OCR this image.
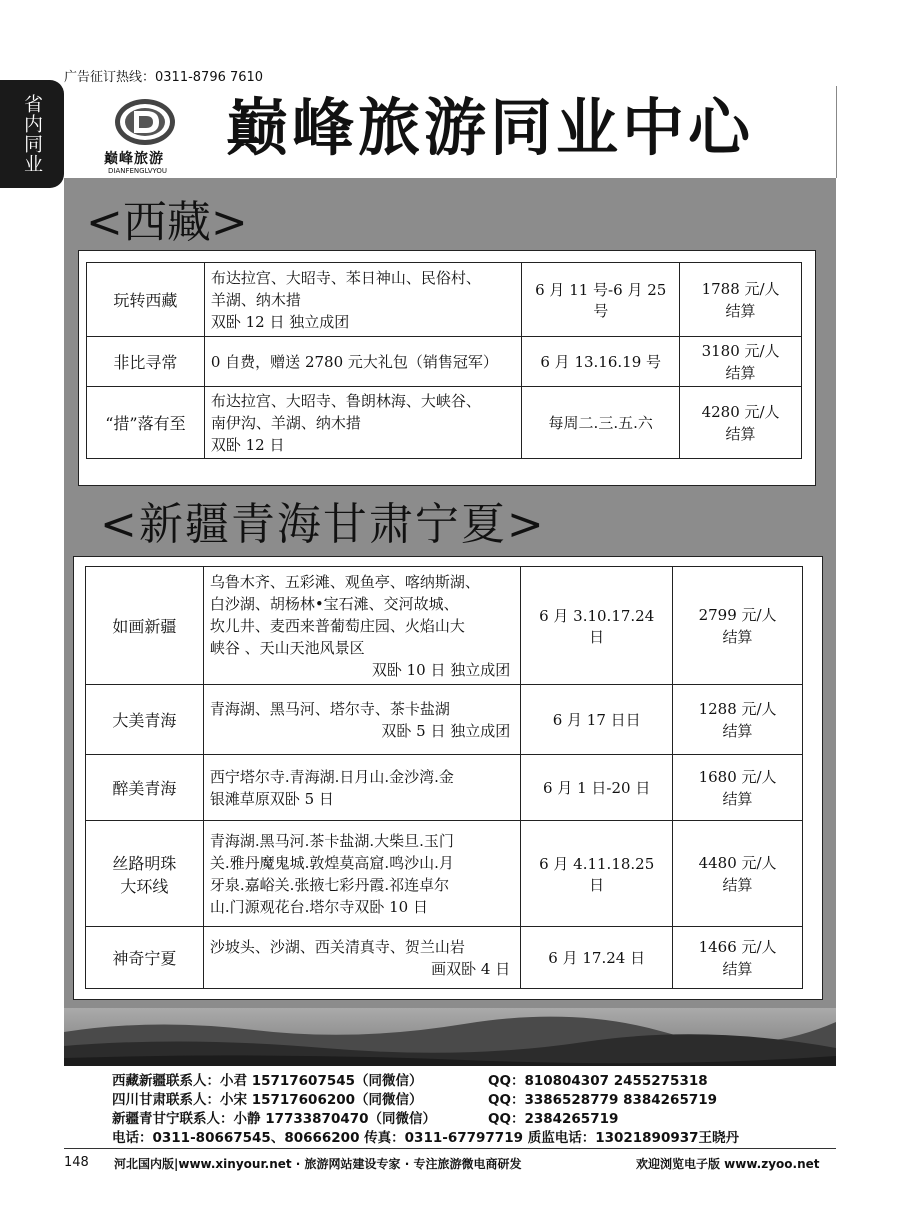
广告征订热线：0311-8796 7610
省内同业	巅峰旅游
DIANFENGLVYOU
巅峰旅游同业中心
<西藏>
玩转西藏	布达拉宫、大昭寺、苯日神山、民俗村、
羊湖、纳木措
双卧 12 日 独立成团	6 月 11 号-6 月 25 号	1788 元/人
结算

非比寻常	0 自费，赠送 2780 元大礼包（销售冠军）	6 月 13.16.19 号	3180 元/人
结算

“措”落有至	布达拉宫、大昭寺、鲁朗林海、大峡谷、
南伊沟、羊湖、纳木措
双卧 12 日	每周二.三.五.六	4280 元/人
结算
<新疆青海甘肃宁夏>
如画新疆	乌鲁木齐、五彩滩、观鱼亭、喀纳斯湖、
白沙湖、胡杨林•宝石滩、交河故城、
坎儿井、麦西来普葡萄庄园、火焰山大
峡谷 、天山天池风景区
双卧 10 日 独立成团	6 月 3.10.17.24
日	2799 元/人
结算

大美青海	青海湖、黑马河、塔尔寺、茶卡盐湖
双卧 5 日 独立成团	6 月 17 日日	1288 元/人
结算

醉美青海	西宁塔尔寺.青海湖.日月山.金沙湾.金
银滩草原双卧 5 日	6 月 1 日-20 日	1680 元/人
结算

丝路明珠
大环线	青海湖.黑马河.茶卡盐湖.大柴旦.玉门
关.雅丹魔鬼城.敦煌莫高窟.鸣沙山.月
牙泉.嘉峪关.张掖七彩丹霞.祁连卓尔
山.门源观花台.塔尔寺双卧 10 日	6 月 4.11.18.25
日	4480 元/人
结算

神奇宁夏	沙坡头、沙湖、西关清真寺、贺兰山岩
画双卧 4 日	6 月 17.24 日	1466 元/人
结算
西藏新疆联系人：小君 15717607545（同微信）	QQ：810804307 2455275318
四川甘肃联系人：小宋 15717606200（同微信）	QQ：3386528779 8384265719
新疆青甘宁联系人：小静 17733870470（同微信）	QQ：2384265719
电话：0311-80667545、80666200 传真：0311-67797719 质监电话：13021890937王晓丹
148 河北国内版|www.xinyour.net · 旅游网站建设专家 · 专注旅游微电商研发	欢迎浏览电子版 www.zyoo.net
